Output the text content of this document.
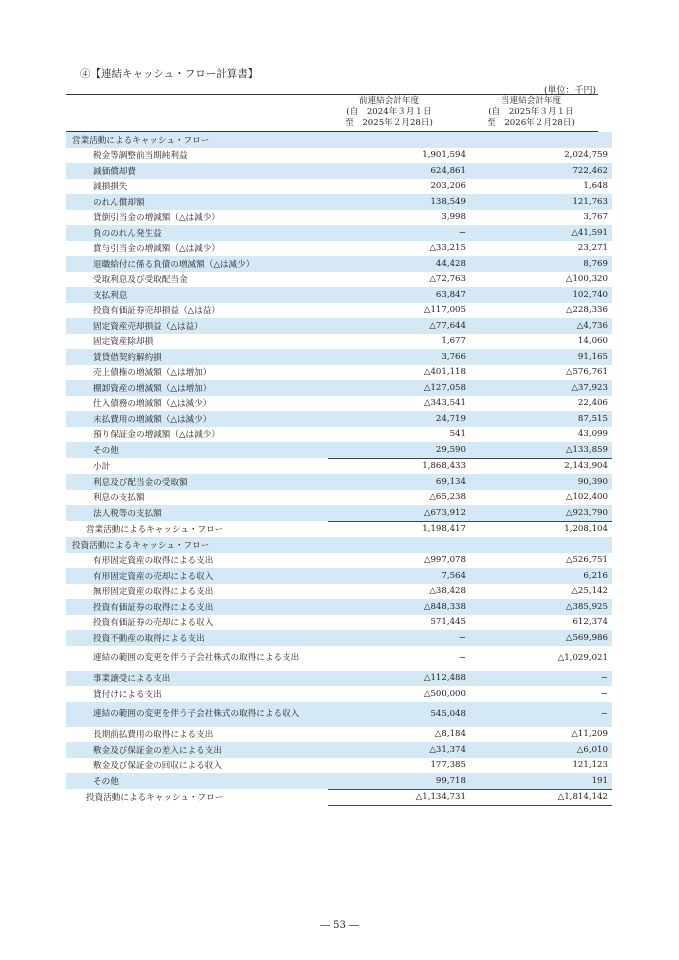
④【連結キャッシュ・フロー計算書】
(単位：千円)
前連結会計年度
(自　2024年３月１日
至　2025年２月28日)
当連結会計年度
(自　2025年３月１日
至　2026年２月28日)
営業活動によるキャッシュ・フロー			
税金等調整前当期純利益		1,901,594	2,024,759
減価償却費		624,861	722,462
減損損失		203,206	1,648
のれん償却額		138,549	121,763
貸倒引当金の増減額（△は減少）		3,998	3,767
負ののれん発生益		−	△41,591
賞与引当金の増減額（△は減少）		△33,215	23,271
退職給付に係る負債の増減額（△は減少）		44,428	8,769
受取利息及び受取配当金		△72,763	△100,320
支払利息		63,847	102,740
投資有価証券売却損益（△は益）		△117,005	△228,336
固定資産売却損益（△は益）		△77,644	△4,736
固定資産除却損		1,677	14,060
賃貸借契約解約損		3,766	91,165
売上債権の増減額（△は増加）		△401,118	△576,761
棚卸資産の増減額（△は増加）		△127,058	△37,923
仕入債務の増減額（△は減少）		△343,541	22,406
未払費用の増減額（△は減少）		24,719	87,515
預り保証金の増減額（△は減少）		541	43,099
その他		29,590	△133,859
小計		1,868,433	2,143,904
利息及び配当金の受取額		69,134	90,390
利息の支払額		△65,238	△102,400
法人税等の支払額		△673,912	△923,790
営業活動によるキャッシュ・フロー		1,198,417	1,208,104
投資活動によるキャッシュ・フロー			
有形固定資産の取得による支出		△997,078	△526,751
有形固定資産の売却による収入		7,564	6,216
無形固定資産の取得による支出		△38,428	△25,142
投資有価証券の取得による支出		△848,338	△385,925
投資有価証券の売却による収入		571,445	612,374
投資不動産の取得による支出		−	△569,986
連結の範囲の変更を伴う子会社株式の取得による支出		−	△1,029,021
事業譲受による支出		△112,488	−
貸付けによる支出		△500,000	−
連結の範囲の変更を伴う子会社株式の取得による収入		545,048	−
長期前払費用の取得による支出		△8,184	△11,209
敷金及び保証金の差入による支出		△31,374	△6,010
敷金及び保証金の回収による収入		177,385	121,123
その他		99,718	191
投資活動によるキャッシュ・フロー		△1,134,731	△1,814,142
― 53 ―
